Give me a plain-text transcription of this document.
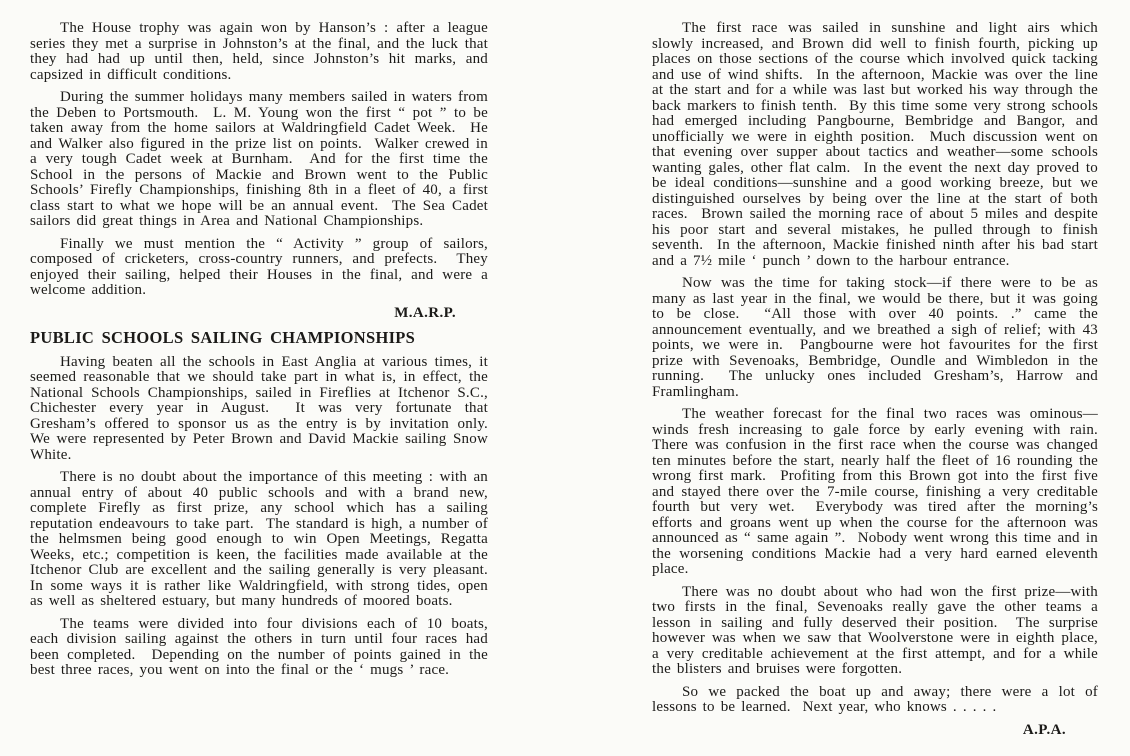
The House trophy was again won by Hanson’s : after a league series they met a surprise in Johnston’s at the final, and the luck that they had had up until then, held, since Johnston’s hit marks, and capsized in difficult conditions.

During the summer holidays many members sailed in waters from the Deben to Portsmouth.  L. M. Young won the first “ pot ” to be taken away from the home sailors at Waldringfield Cadet Week.  He and Walker also figured in the prize list on points.  Walker crewed in a very tough Cadet week at Burnham.  And for the first time the School in the persons of Mackie and Brown went to the Public Schools’ Firefly Championships, finishing 8th in a fleet of 40, a first class start to what we hope will be an annual event.  The Sea Cadet sailors did great things in Area and National Championships.

Finally we must mention the “ Activity ” group of sailors, composed of cricketers, cross-country runners, and prefects.  They enjoyed their sailing, helped their Houses in the final, and were a welcome addition.

M.A.R.P.
PUBLIC SCHOOLS SAILING CHAMPIONSHIPS

Having beaten all the schools in East Anglia at various times, it seemed reasonable that we should take part in what is, in effect, the National Schools Championships, sailed in Fireflies at Itchenor S.C., Chichester every year in August.  It was very fortunate that Gresham’s offered to sponsor us as the entry is by invitation only.  We were represented by Peter Brown and David Mackie sailing Snow White.

There is no doubt about the importance of this meeting : with an annual entry of about 40 public schools and with a brand new, complete Firefly as first prize, any school which has a sailing reputation endeavours to take part.  The standard is high, a number of the helmsmen being good enough to win Open Meetings, Regatta Weeks, etc.; competition is keen, the facilities made available at the Itchenor Club are excellent and the sailing generally is very pleasant.  In some ways it is rather like Waldringfield, with strong tides, open as well as sheltered estuary, but many hundreds of moored boats.

The teams were divided into four divisions each of 10 boats, each division sailing against the others in turn until four races had been completed.  Depending on the number of points gained in the best three races, you went on into the final or the ‘ mugs ’ race.

The first race was sailed in sunshine and light airs which slowly increased, and Brown did well to finish fourth, picking up places on those sections of the course which involved quick tacking and use of wind shifts.  In the afternoon, Mackie was over the line at the start and for a while was last but worked his way through the back markers to finish tenth.  By this time some very strong schools had emerged including Pangbourne, Bembridge and Bangor, and unofficially we were in eighth position.  Much discussion went on that evening over supper about tactics and weather—some schools wanting gales, other flat calm.  In the event the next day proved to be ideal conditions—sunshine and a good working breeze, but we distinguished ourselves by being over the line at the start of both races.  Brown sailed the morning race of about 5 miles and despite his poor start and several mistakes, he pulled through to finish seventh.  In the afternoon, Mackie finished ninth after his bad start and a 7½ mile ‘ punch ’ down to the harbour entrance.

Now was the time for taking stock—if there were to be as many as last year in the final, we would be there, but it was going to be close.  “All those with over 40 points. .” came the announcement eventually, and we breathed a sigh of relief; with 43 points, we were in.  Pangbourne were hot favourites for the first prize with Sevenoaks, Bembridge, Oundle and Wimbledon in the running.  The unlucky ones included Gresham’s, Harrow and Framlingham.

The weather forecast for the final two races was ominous—winds fresh increasing to gale force by early evening with rain.  There was confusion in the first race when the course was changed ten minutes before the start, nearly half the fleet of 16 rounding the wrong first mark.  Profiting from this Brown got into the first five and stayed there over the 7-mile course, finishing a very creditable fourth but very wet.  Everybody was tired after the morning’s efforts and groans went up when the course for the afternoon was announced as “ same again ”.  Nobody went wrong this time and in the worsening conditions Mackie had a very hard earned eleventh place.

There was no doubt about who had won the first prize—with two firsts in the final, Sevenoaks really gave the other teams a lesson in sailing and fully deserved their position.  The surprise however was when we saw that Woolverstone were in eighth place, a very creditable achievement at the first attempt, and for a while the blisters and bruises were forgotten.

So we packed the boat up and away; there were a lot of lessons to be learned.  Next year, who knows . . . . .

A.P.A.
